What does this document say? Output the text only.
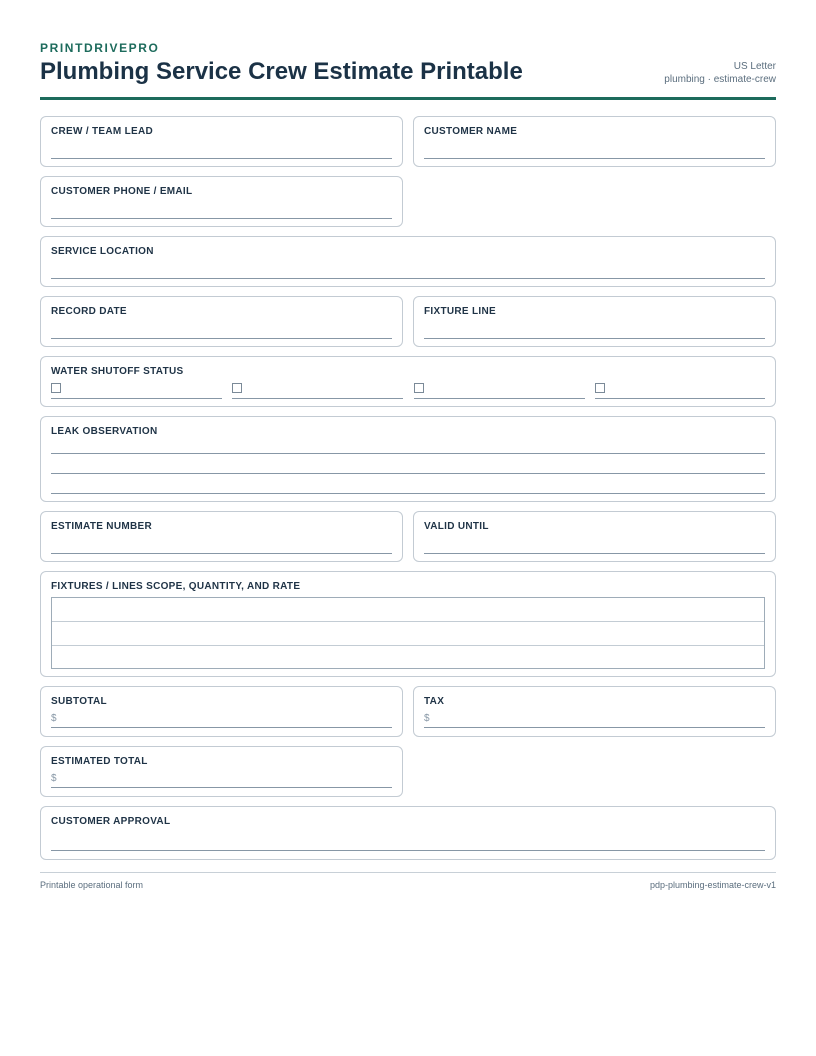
PRINTDRIVEPRO
Plumbing Service Crew Estimate Printable	US Letter
plumbing · estimate-crew
CREW / TEAM LEAD	CUSTOMER NAME
CUSTOMER PHONE / EMAIL
SERVICE LOCATION
RECORD DATE	FIXTURE LINE
WATER SHUTOFF STATUS
LEAK OBSERVATION
ESTIMATE NUMBER	VALID UNTIL
FIXTURES / LINES SCOPE, QUANTITY, AND RATE
SUBTOTAL
$
TAX
$
ESTIMATED TOTAL
$
CUSTOMER APPROVAL
Printable operational form	pdp-plumbing-estimate-crew-v1
